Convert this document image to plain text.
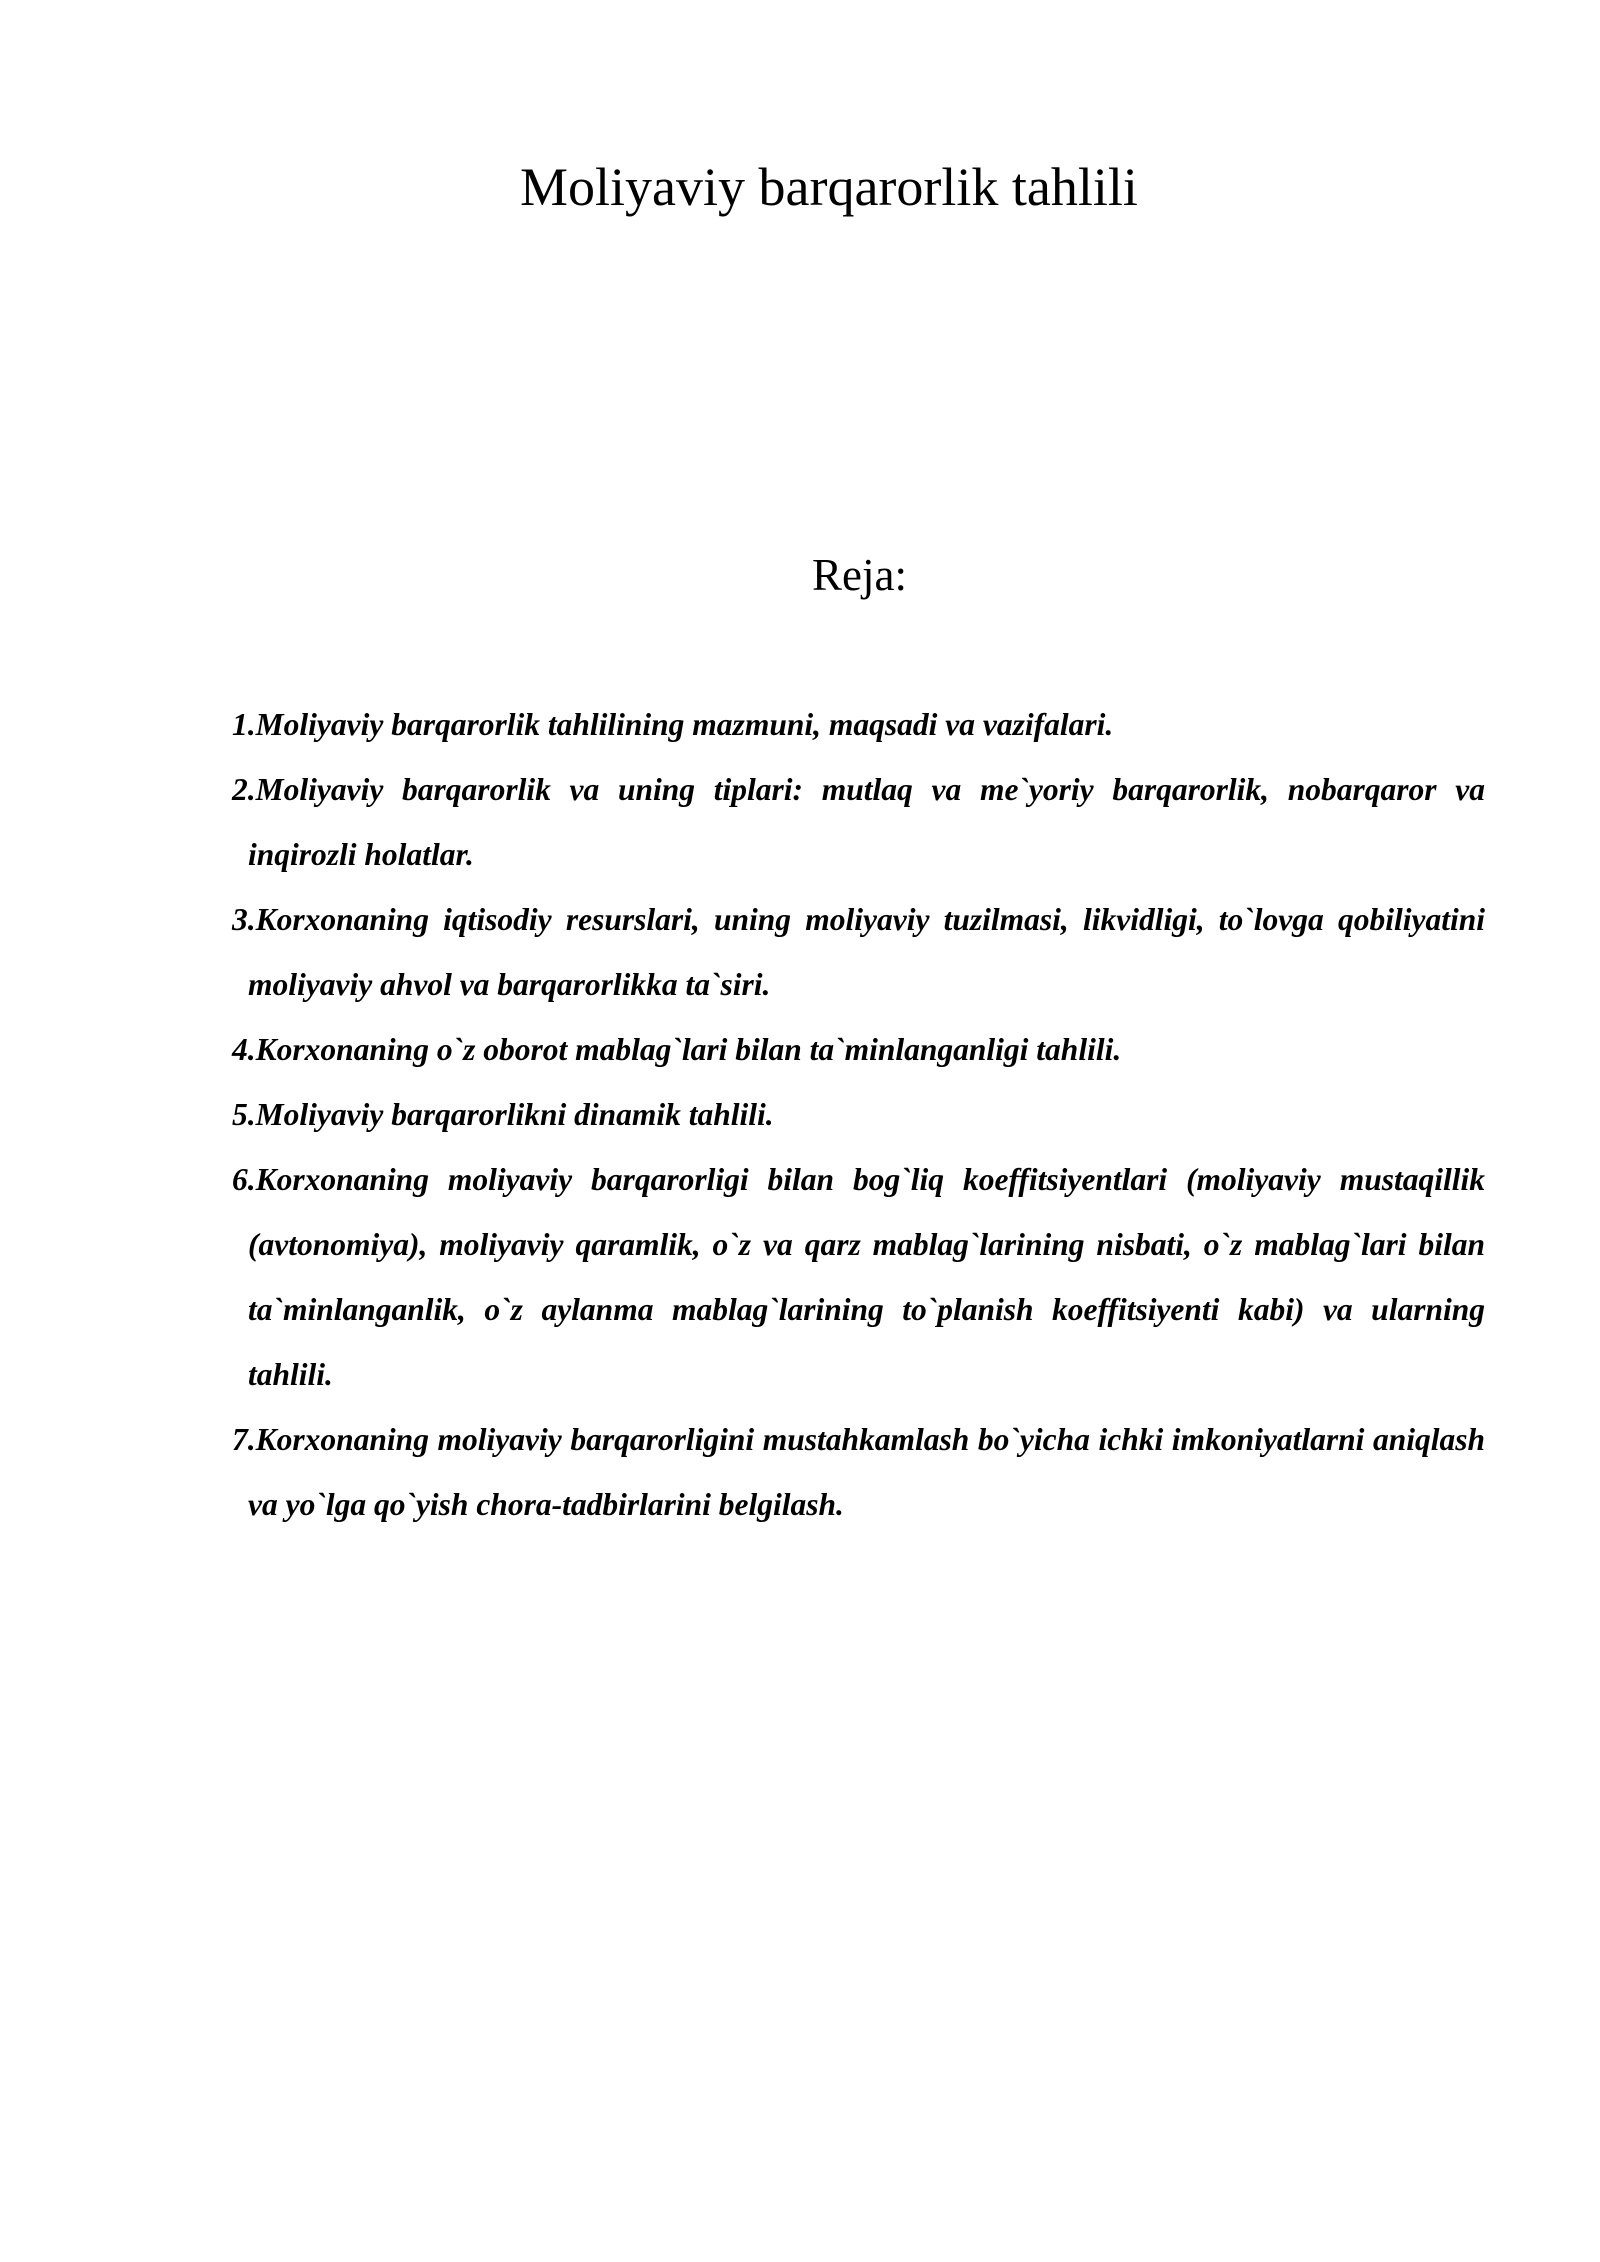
Moliyaviy barqarorlik tahlili
Reja:
1.Moliyaviy barqarorlik tahlilining mazmuni, maqsadi va vazifalari.
2.Moliyaviy barqarorlik va uning tiplari: mutlaq va me`yoriy barqarorlik, nobarqaror va inqirozli holatlar.
3.Korxonaning iqtisodiy resurslari, uning moliyaviy tuzilmasi, likvidligi, to`lovga qobiliyatini moliyaviy ahvol va barqarorlikka ta`siri.
4.Korxonaning o`z oborot mablag`lari bilan ta`minlanganligi tahlili.
5.Moliyaviy barqarorlikni dinamik tahlili.
6.Korxonaning moliyaviy barqarorligi bilan bog`liq koeffitsiyentlari (moliyaviy mustaqillik (avtonomiya), moliyaviy qaramlik, o`z va qarz mablag`larining nisbati, o`z mablag`lari bilan ta`minlanganlik, o`z aylanma mablag`larining to`planish koeffitsiyenti kabi) va ularning tahlili.
7.Korxonaning moliyaviy barqarorligini mustahkamlash bo`yicha ichki imkoniyatlarni aniqlash va yo`lga qo`yish chora-tadbirlarini belgilash.
